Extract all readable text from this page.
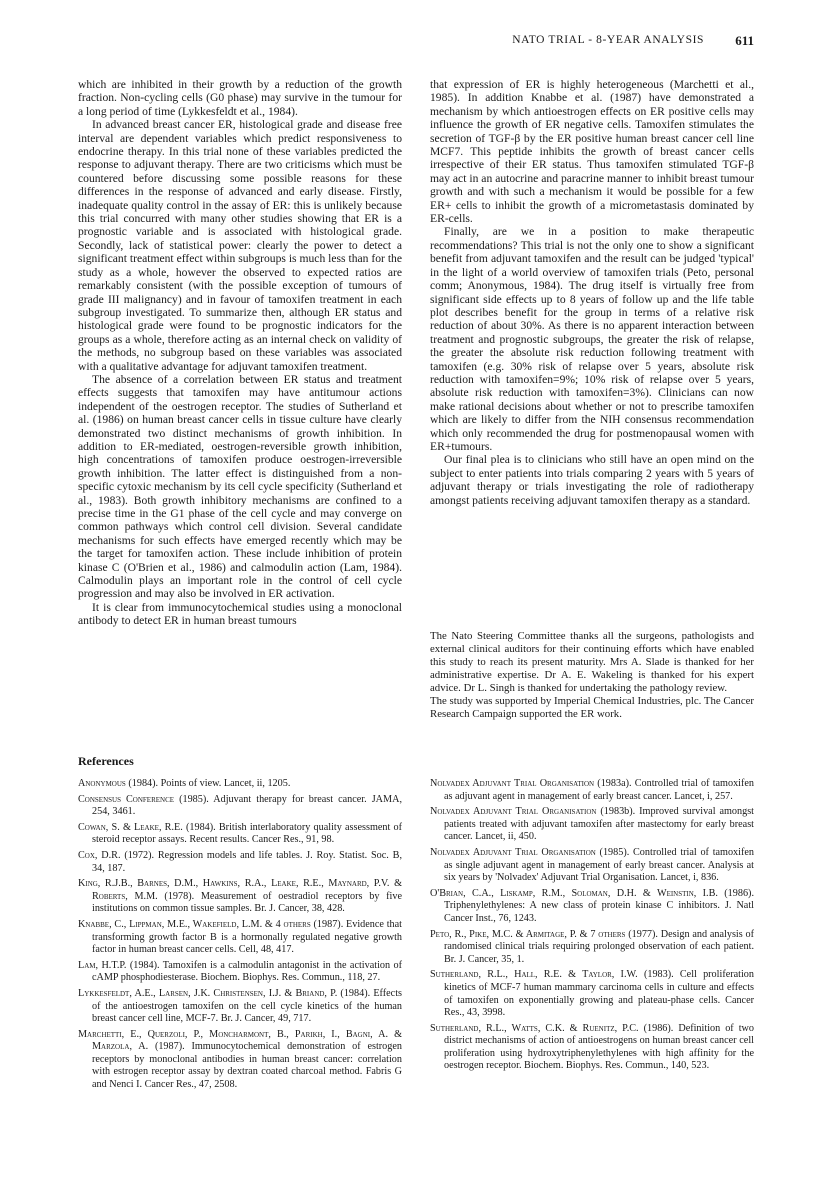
NATO TRIAL - 8-YEAR ANALYSIS 611

which are inhibited in their growth by a reduction of the growth fraction. Non-cycling cells (G0 phase) may survive in the tumour for a long period of time (Lykkesfeldt et al., 1984).

In advanced breast cancer ER, histological grade and disease free interval are dependent variables which predict responsiveness to endocrine therapy. In this trial none of these variables predicted the response to adjuvant therapy. There are two criticisms which must be countered before discussing some possible reasons for these differences in the response of advanced and early disease. Firstly, inadequate quality control in the assay of ER: this is unlikely because this trial concurred with many other studies showing that ER is a prognostic variable and is associated with histological grade. Secondly, lack of statistical power: clearly the power to detect a significant treatment effect within subgroups is much less than for the study as a whole, however the observed to expected ratios are remarkably consistent (with the possible exception of tumours of grade III malignancy) and in favour of tamoxifen treatment in each subgroup investigated. To summarize then, although ER status and histological grade were found to be prognostic indicators for the groups as a whole, therefore acting as an internal check on validity of the methods, no subgroup based on these variables was associated with a qualitative advantage for adjuvant tamoxifen treatment.

The absence of a correlation between ER status and treatment effects suggests that tamoxifen may have antitumour actions independent of the oestrogen receptor. The studies of Sutherland et al. (1986) on human breast cancer cells in tissue culture have clearly demonstrated two distinct mechanisms of growth inhibition. In addition to ER-mediated, oestrogen-reversible growth inhibition, high concentrations of tamoxifen produce oestrogen-irreversible growth inhibition. The latter effect is distinguished from a non-specific cytoxic mechanism by its cell cycle specificity (Sutherland et al., 1983). Both growth inhibitory mechanisms are confined to a precise time in the G1 phase of the cell cycle and may converge on common pathways which control cell division. Several candidate mechanisms for such effects have emerged recently which may be the target for tamoxifen action. These include inhibition of protein kinase C (O'Brien et al., 1986) and calmodulin action (Lam, 1984). Calmodulin plays an important role in the control of cell cycle progression and may also be involved in ER activation.

It is clear from immunocytochemical studies using a monoclonal antibody to detect ER in human breast tumours

that expression of ER is highly heterogeneous (Marchetti et al., 1985). In addition Knabbe et al. (1987) have demonstrated a mechanism by which antioestrogen effects on ER positive cells may influence the growth of ER negative cells. Tamoxifen stimulates the secretion of TGF-β by the ER positive human breast cancer cell line MCF7. This peptide inhibits the growth of breast cancer cells irrespective of their ER status. Thus tamoxifen stimulated TGF-β may act in an autocrine and paracrine manner to inhibit breast tumour growth and with such a mechanism it would be possible for a few ER+ cells to inhibit the growth of a micrometastasis dominated by ER-cells.

Finally, are we in a position to make therapeutic recommendations? This trial is not the only one to show a significant benefit from adjuvant tamoxifen and the result can be judged 'typical' in the light of a world overview of tamoxifen trials (Peto, personal comm; Anonymous, 1984). The drug itself is virtually free from significant side effects up to 8 years of follow up and the life table plot describes benefit for the group in terms of a relative risk reduction of about 30%. As there is no apparent interaction between treatment and prognostic subgroups, the greater the risk of relapse, the greater the absolute risk reduction following treatment with tamoxifen (e.g. 30% risk of relapse over 5 years, absolute risk reduction with tamoxifen=9%; 10% risk of relapse over 5 years, absolute risk reduction with tamoxifen=3%). Clinicians can now make rational decisions about whether or not to prescribe tamoxifen which are likely to differ from the NIH consensus recommendation which only recommended the drug for postmenopausal women with ER+tumours.

Our final plea is to clinicians who still have an open mind on the subject to enter patients into trials comparing 2 years with 5 years of adjuvant therapy or trials investigating the role of radiotherapy amongst patients receiving adjuvant tamoxifen therapy as a standard.

The Nato Steering Committee thanks all the surgeons, pathologists and external clinical auditors for their continuing efforts which have enabled this study to reach its present maturity. Mrs A. Slade is thanked for her administrative expertise. Dr A. E. Wakeling is thanked for his expert advice. Dr L. Singh is thanked for undertaking the pathology review.

The study was supported by Imperial Chemical Industries, plc. The Cancer Research Campaign supported the ER work.

References

Anonymous (1984). Points of view. Lancet, ii, 1205.

Consensus Conference (1985). Adjuvant therapy for breast cancer. JAMA, 254, 3461.

Cowan, S. & Leake, R.E. (1984). British interlaboratory quality assessment of steroid receptor assays. Recent results. Cancer Res., 91, 98.

Cox, D.R. (1972). Regression models and life tables. J. Roy. Statist. Soc. B, 34, 187.

King, R.J.B., Barnes, D.M., Hawkins, R.A., Leake, R.E., Maynard, P.V. & Roberts, M.M. (1978). Measurement of oestradiol receptors by five institutions on common tissue samples. Br. J. Cancer, 38, 428.

Knabbe, C., Lippman, M.E., Wakefield, L.M. & 4 others (1987). Evidence that transforming growth factor B is a hormonally regulated negative growth factor in human breast cancer cells. Cell, 48, 417.

Lam, H.T.P. (1984). Tamoxifen is a calmodulin antagonist in the activation of cAMP phosphodiesterase. Biochem. Biophys. Res. Commun., 118, 27.

Lykkesfeldt, A.E., Larsen, J.K. Christensen, I.J. & Briand, P. (1984). Effects of the antioestrogen tamoxifen on the cell cycle kinetics of the human breast cancer cell line, MCF-7. Br. J. Cancer, 49, 717.

Marchetti, E., Querzoli, P., Moncharmont, B., Parikh, I., Bagni, A. & Marzola, A. (1987). Immunocytochemical demonstration of estrogen receptors by monoclonal antibodies in human breast cancer: correlation with estrogen receptor assay by dextran coated charcoal method. Fabris G and Nenci I. Cancer Res., 47, 2508.

Nolvadex Adjuvant Trial Organisation (1983a). Controlled trial of tamoxifen as adjuvant agent in management of early breast cancer. Lancet, i, 257.

Nolvadex Adjuvant Trial Organisation (1983b). Improved survival amongst patients treated with adjuvant tamoxifen after mastectomy for early breast cancer. Lancet, ii, 450.

Nolvadex Adjuvant Trial Organisation (1985). Controlled trial of tamoxifen as single adjuvant agent in management of early breast cancer. Analysis at six years by 'Nolvadex' Adjuvant Trial Organisation. Lancet, i, 836.

O'Brian, C.A., Liskamp, R.M., Soloman, D.H. & Weinstin, I.B. (1986). Triphenylethylenes: A new class of protein kinase C inhibitors. J. Natl Cancer Inst., 76, 1243.

Peto, R., Pike, M.C. & Armitage, P. & 7 others (1977). Design and analysis of randomised clinical trials requiring prolonged observation of each patient. Br. J. Cancer, 35, 1.

Sutherland, R.L., Hall, R.E. & Taylor, I.W. (1983). Cell proliferation kinetics of MCF-7 human mammary carcinoma cells in culture and effects of tamoxifen on exponentially growing and plateau-phase cells. Cancer Res., 43, 3998.

Sutherland, R.L., Watts, C.K. & Ruenitz, P.C. (1986). Definition of two district mechanisms of action of antioestrogens on human breast cancer cell proliferation using hydroxytriphenylethylenes with high affinity for the oestrogen receptor. Biochem. Biophys. Res. Commun., 140, 523.
